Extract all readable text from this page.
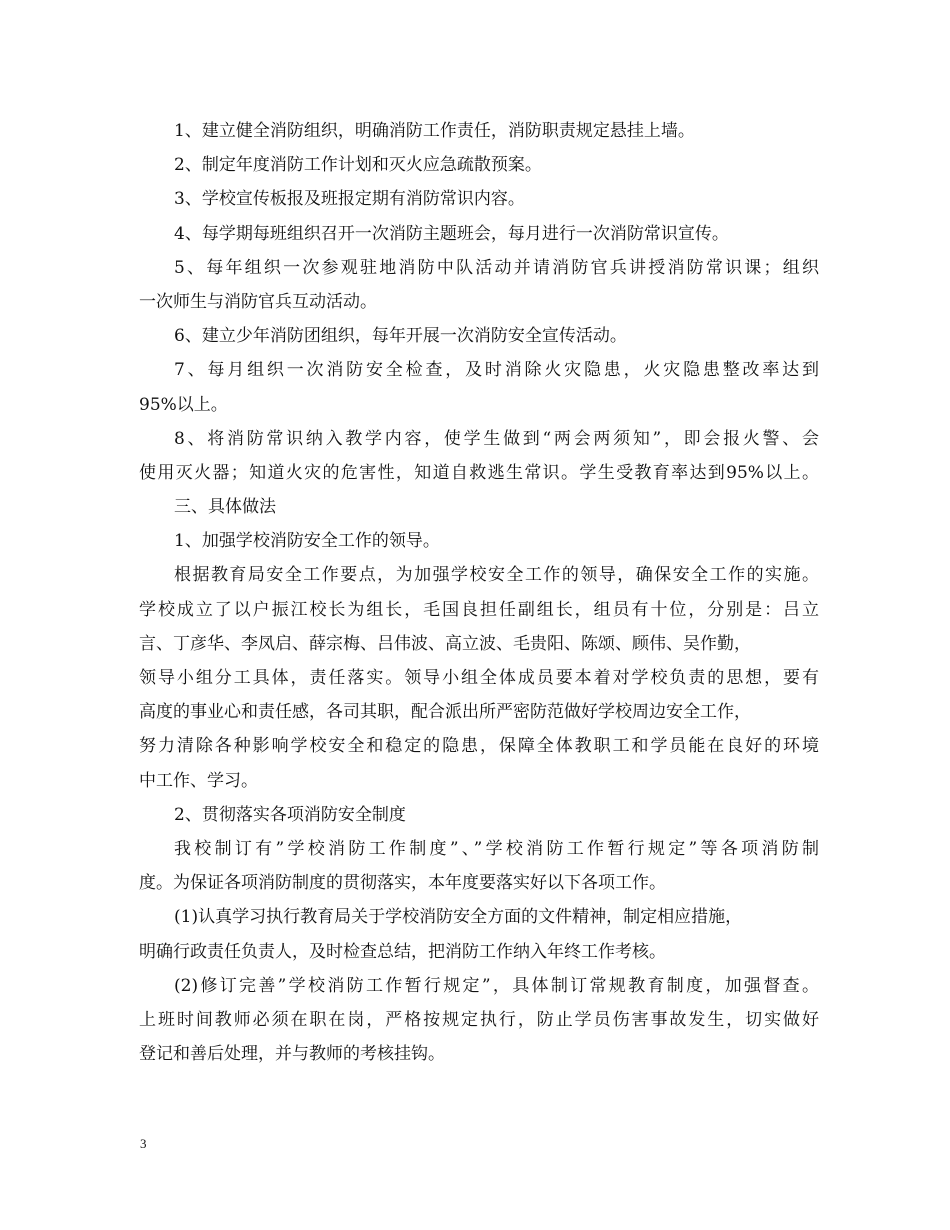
1、建立健全消防组织，明确消防工作责任，消防职责规定悬挂上墙。
2、制定年度消防工作计划和灭火应急疏散预案。
3、学校宣传板报及班报定期有消防常识内容。
4、每学期每班组织召开一次消防主题班会，每月进行一次消防常识宣传。
5、每年组织一次参观驻地消防中队活动并请消防官兵讲授消防常识课；组织
一次师生与消防官兵互动活动。
6、建立少年消防团组织，每年开展一次消防安全宣传活动。
7、每月组织一次消防安全检查，及时消除火灾隐患，火灾隐患整改率达到
95%以上。
8、将消防常识纳入教学内容，使学生做到“两会两须知”，即会报火警、会
使用灭火器；知道火灾的危害性，知道自救逃生常识。学生受教育率达到95%以上。
三、具体做法
1、加强学校消防安全工作的领导。
根据教育局安全工作要点，为加强学校安全工作的领导，确保安全工作的实施。
学校成立了以户振江校长为组长，毛国良担任副组长，组员有十位，分别是：吕立
言、丁彦华、李凤启、薛宗梅、吕伟波、高立波、毛贵阳、陈颂、顾伟、吴作勤，
领导小组分工具体，责任落实。领导小组全体成员要本着对学校负责的思想，要有
高度的事业心和责任感，各司其职，配合派出所严密防范做好学校周边安全工作，
努力清除各种影响学校安全和稳定的隐患，保障全体教职工和学员能在良好的环境
中工作、学习。
2、贯彻落实各项消防安全制度
我校制订有”学校消防工作制度”、”学校消防工作暂行规定”等各项消防制
度。为保证各项消防制度的贯彻落实，本年度要落实好以下各项工作。
(1)认真学习执行教育局关于学校消防安全方面的文件精神，制定相应措施，
明确行政责任负责人，及时检查总结，把消防工作纳入年终工作考核。
(2)修订完善”学校消防工作暂行规定”，具体制订常规教育制度，加强督查。
上班时间教师必须在职在岗，严格按规定执行，防止学员伤害事故发生，切实做好
登记和善后处理，并与教师的考核挂钩。
3
